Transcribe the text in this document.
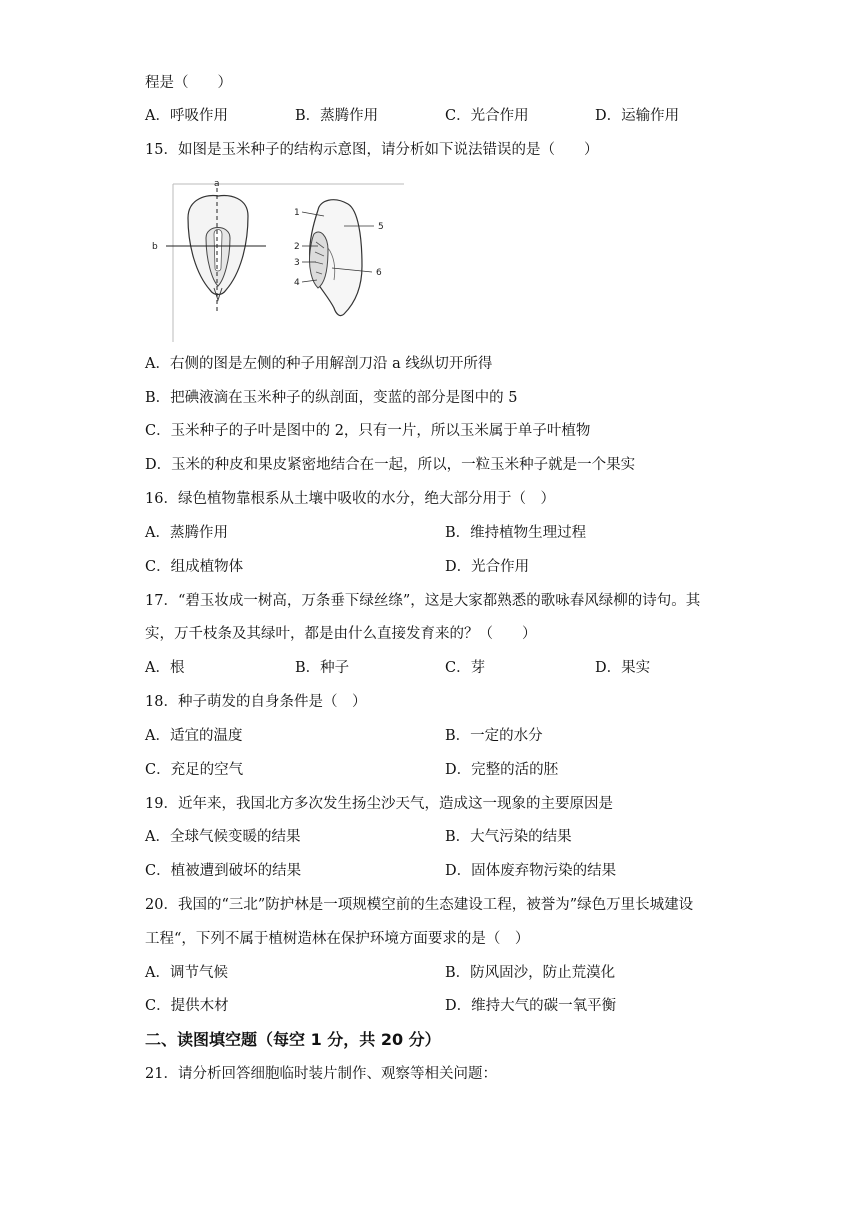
程是（　　）
A．呼吸作用	B．蒸腾作用	C．光合作用	D．运输作用
15．如图是玉米种子的结构示意图，请分析如下说法错误的是（　　）
a
b
1
2
3
4
5
6
A．右侧的图是左侧的种子用解剖刀沿 a 线纵切开所得
B．把碘液滴在玉米种子的纵剖面，变蓝的部分是图中的 5
C．玉米种子的子叶是图中的 2，只有一片，所以玉米属于单子叶植物
D．玉米的种皮和果皮紧密地结合在一起，所以，一粒玉米种子就是一个果实
16．绿色植物靠根系从土壤中吸收的水分，绝大部分用于（　）
A．蒸腾作用	B．维持植物生理过程
C．组成植物体	D．光合作用
17．“碧玉妆成一树高，万条垂下绿丝绦”，这是大家都熟悉的歌咏春风绿柳的诗句。其
实，万千枝条及其绿叶，都是由什么直接发育来的？（　　）
A．根	B．种子	C．芽	D．果实
18．种子萌发的自身条件是（　）
A．适宜的温度	B．一定的水分
C．充足的空气	D．完整的活的胚
19．近年来，我国北方多次发生扬尘沙天气，造成这一现象的主要原因是
A．全球气候变暖的结果	B．大气污染的结果
C．植被遭到破坏的结果	D．固体废弃物污染的结果
20．我国的“三北”防护林是一项规模空前的生态建设工程，被誉为”绿色万里长城建设
工程“，下列不属于植树造林在保护环境方面要求的是（　）
A．调节气候	B．防风固沙，防止荒漠化
C．提供木材	D．维持大气的碳一氧平衡
二、读图填空题（每空 1 分，共 20 分）
21．请分析回答细胞临时装片制作、观察等相关问题：
